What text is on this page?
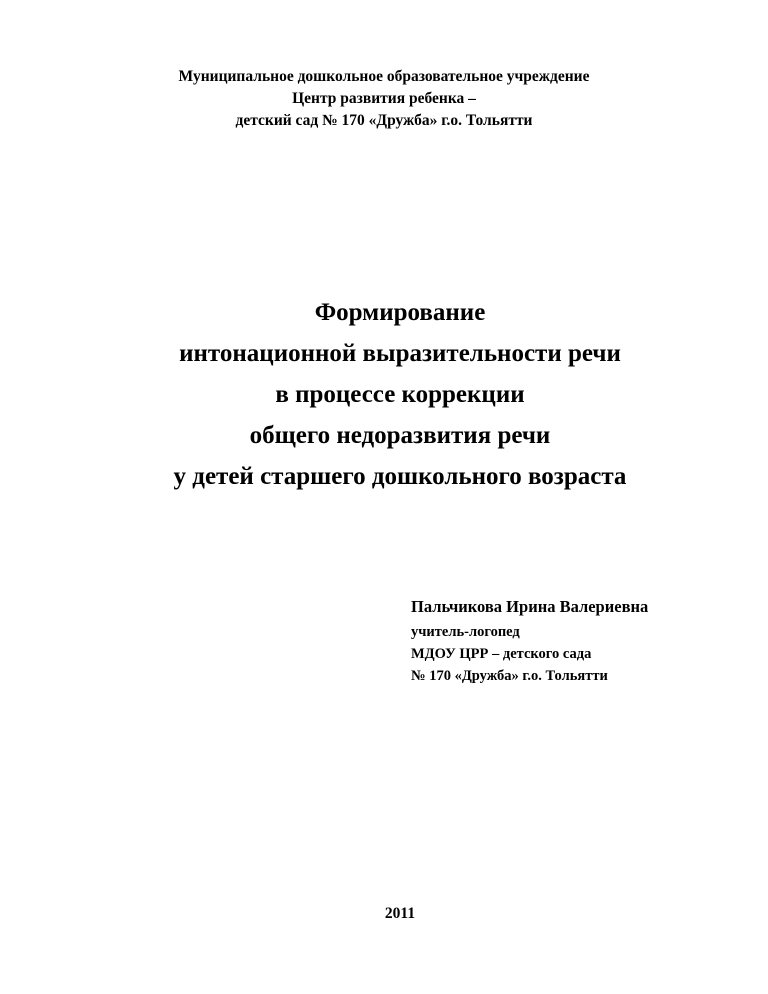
Муниципальное дошкольное образовательное учреждение
Центр развития ребенка –
детский сад № 170 «Дружба» г.о. Тольятти
Формирование
интонационной выразительности речи
в процессе коррекции
общего недоразвития речи
у детей старшего дошкольного возраста
Пальчикова Ирина Валериевна
учитель-логопед
МДОУ ЦРР – детского сада
№ 170 «Дружба» г.о. Тольятти
2011
